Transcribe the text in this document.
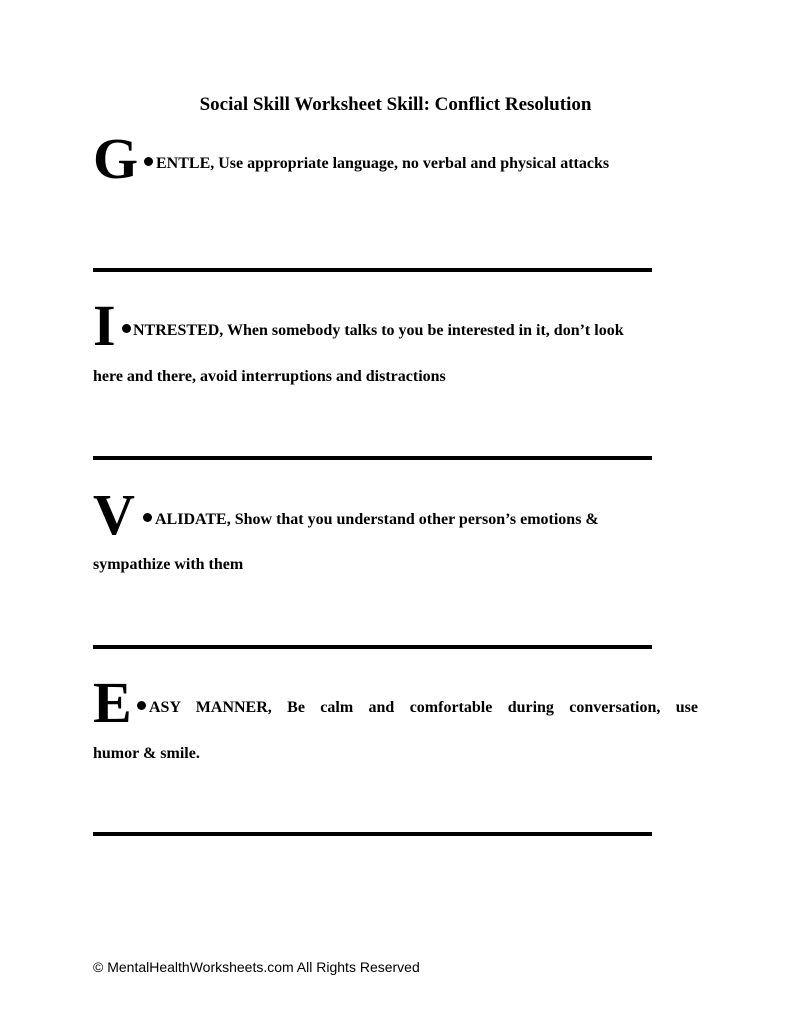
Social Skill Worksheet Skill: Conflict Resolution
G ENTLE, Use appropriate language, no verbal and physical attacks
I NTRESTED, When somebody talks to you be interested in it, don’t look
here and there, avoid interruptions and distractions
V ALIDATE, Show that you understand other person’s emotions &
sympathize with them
E ASY MANNER, Be calm and comfortable during conversation, use
humor & smile.
© MentalHealthWorksheets.com All Rights Reserved
